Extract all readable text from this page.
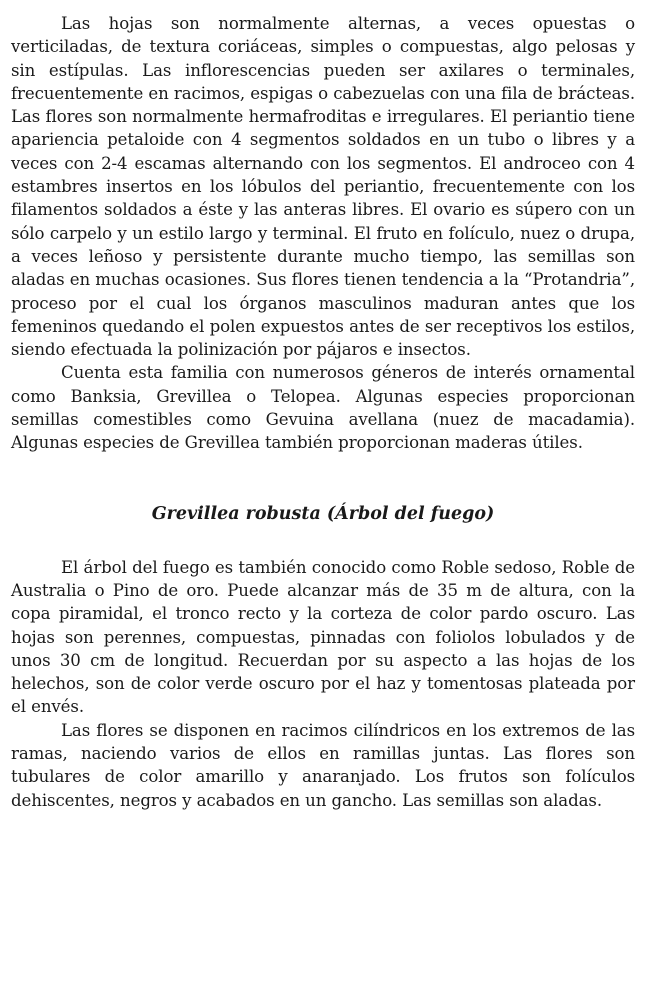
Las hojas son normalmente alternas, a veces opuestas o verticiladas, de textura coriáceas, simples o compuestas, algo pelosas y sin estípulas. Las inflorescencias pueden ser axilares o terminales, frecuentemente en racimos, espigas o cabezuelas con una fila de brácteas. Las flores son normalmente hermafroditas e irregulares. El periantio tiene apariencia petaloide con 4 segmentos soldados en un tubo o libres y a veces con 2-4 escamas alternando con los segmentos. El androceo con 4 estambres insertos en los lóbulos del periantio, frecuentemente con los filamentos soldados a éste y las anteras libres. El ovario es súpero con un sólo carpelo y un estilo largo y terminal. El fruto en folículo, nuez o drupa, a veces leñoso y persistente durante mucho tiempo, las semillas son aladas en muchas ocasiones. Sus flores tienen tendencia a la “Protandria”, proceso por el cual los órganos masculinos maduran antes que los femeninos quedando el polen expuestos antes de ser receptivos los estilos, siendo efectuada la polinización por pájaros e insectos.

Cuenta esta familia con numerosos géneros de interés ornamental como Banksia, Grevillea o Telopea. Algunas especies proporcionan semillas comestibles como Gevuina avellana (nuez de macadamia). Algunas especies de Grevillea también proporcionan maderas útiles.

Grevillea robusta (Árbol del fuego)

El árbol del fuego es también conocido como Roble sedoso, Roble de Australia o Pino de oro. Puede alcanzar más de 35 m de altura, con la copa piramidal, el tronco recto y la corteza de color pardo oscuro. Las hojas son perennes, compuestas, pinnadas con foliolos lobulados y de unos 30 cm de longitud. Recuerdan por su aspecto a las hojas de los helechos, son de color verde oscuro por el haz y tomentosas plateada por el envés.

Las flores se disponen en racimos cilíndricos en los extremos de las ramas, naciendo varios de ellos en ramillas juntas. Las flores son tubulares de color amarillo y anaranjado. Los frutos son folículos dehiscentes, negros y acabados en un gancho. Las semillas son aladas.
